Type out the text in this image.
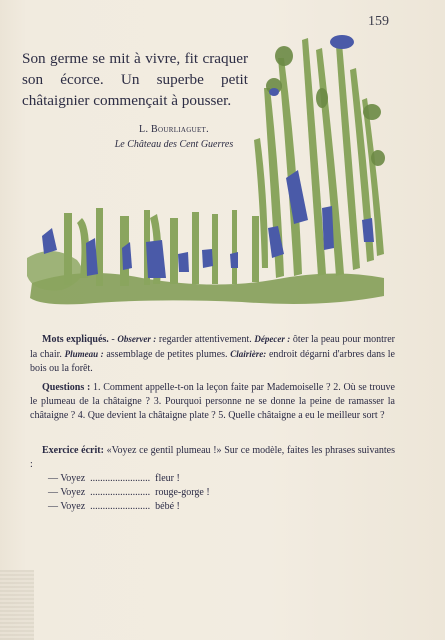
159

Son germe se mit à vivre, fit craquer son écorce. Un superbe petit châtaignier commençait à pousser.

L. Bourliaguet.
Le Château des Cent Guerres

Mots expliqués. - Observer : regarder attentivement. Dépecer : ôter la peau pour montrer la chair. Plumeau : assemblage de petites plumes. Clairière: endroit dégarni d'arbres dans le bois ou la forêt.

Questions : 1. Comment appelle-t-on la leçon faite par Mademoiselle ? 2. Où se trouve le plumeau de la châtaigne ? 3. Pourquoi personne ne se donne la peine de ramasser la châtaigne ? 4. Que devient la châtaigne plate ? 5. Quelle châtaigne a eu le meilleur sort ?

Exercice écrit: «Voyez ce gentil plumeau !» Sur ce modèle, faites les phrases suivantes :

— Voyez  ........................  fleur !
— Voyez  ........................  rouge-gorge !
— Voyez  ........................  bébé !
